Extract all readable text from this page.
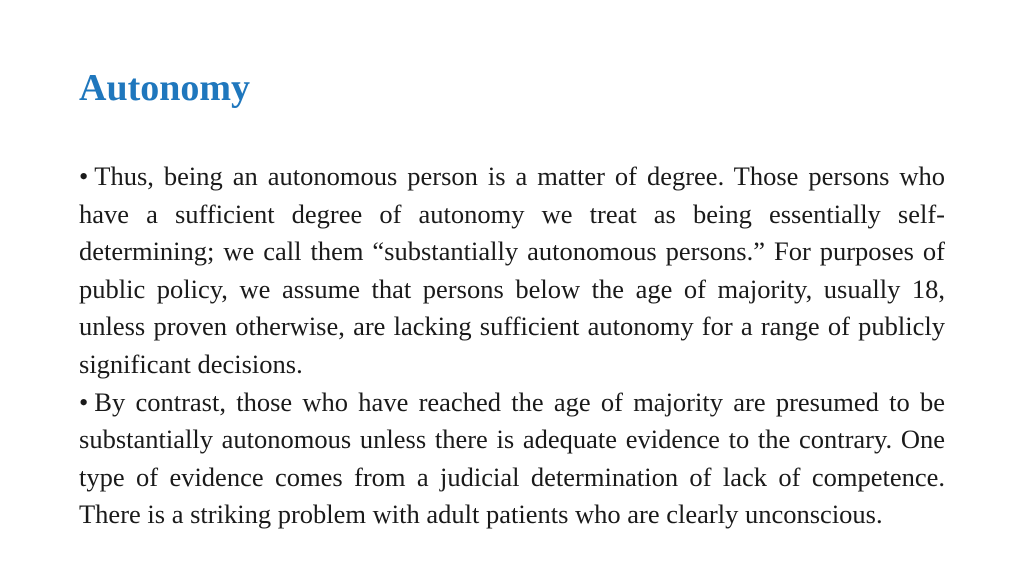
Autonomy

• Thus, being an autonomous person is a matter of degree. Those persons who have a sufficient degree of autonomy we treat as being essentially self- determining; we call them “substantially autonomous persons.” For purposes of public policy, we assume that persons below the age of majority, usually 18, unless proven otherwise, are lacking sufficient autonomy for a range of publicly significant decisions.

• By contrast, those who have reached the age of majority are presumed to be substantially autonomous unless there is adequate evidence to the contrary. One type of evidence comes from a judicial determination of lack of competence. There is a striking problem with adult patients who are clearly unconscious.
